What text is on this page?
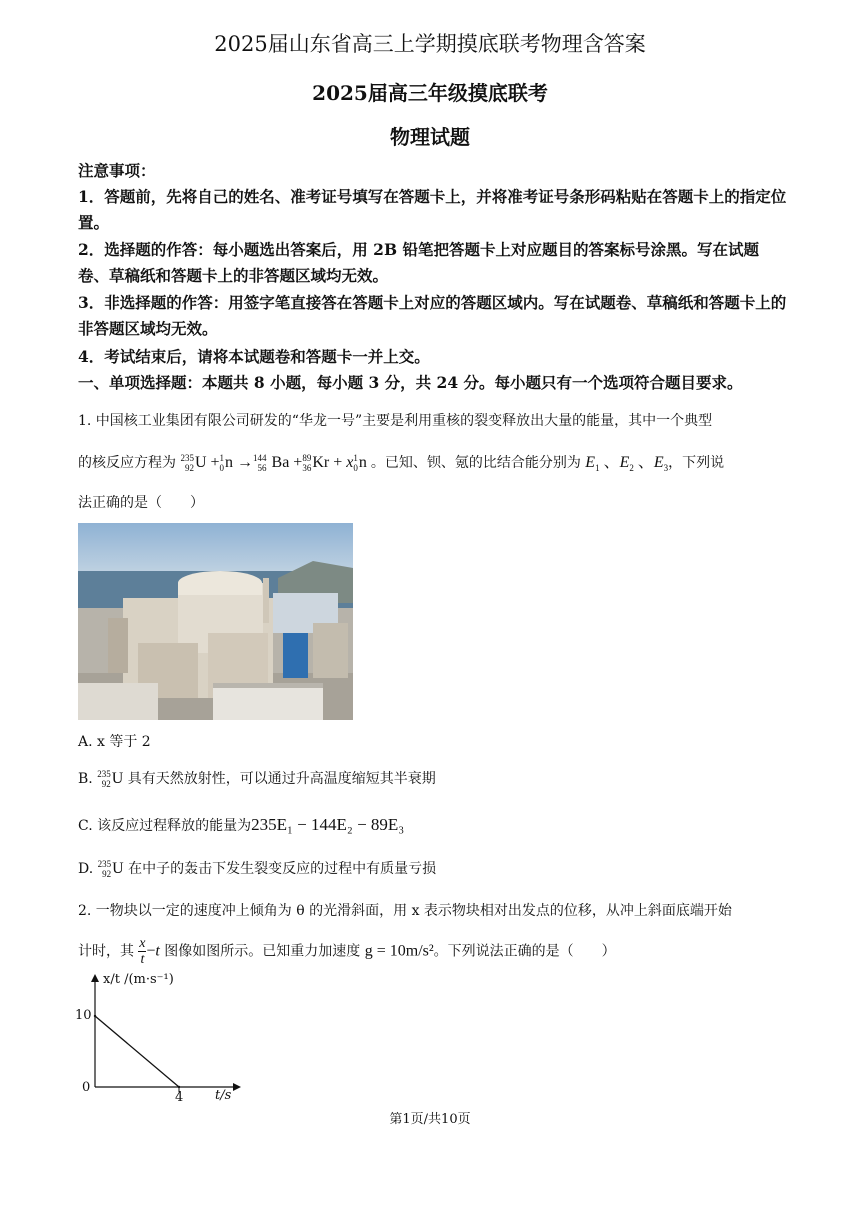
2025届山东省高三上学期摸底联考物理含答案
2025届高三年级摸底联考
物理试题
注意事项：
1．答题前，先将自己的姓名、准考证号填写在答题卡上，并将准考证号条形码粘贴在答题卡上的指定位置。
2．选择题的作答：每小题选出答案后，用 2B 铅笔把答题卡上对应题目的答案标号涂黑。写在试题卷、草稿纸和答题卡上的非答题区域均无效。
3．非选择题的作答：用签字笔直接答在答题卡上对应的答题区域内。写在试题卷、草稿纸和答题卡上的非答题区域均无效。
4．考试结束后，请将本试题卷和答题卡一并上交。
一、单项选择题：本题共 8 小题，每小题 3 分，共 24 分。每小题只有一个选项符合题目要求。
1. 中国核工业集团有限公司研发的“华龙一号”主要是利用重核的裂变释放出大量的能量，其中一个典型
的核反应方程为 235
92U +1
0n →144
56 Ba +89
36Kr + x1
0n 。已知、钡、氪的比结合能分别为 $E_1$ 、$E_2$ 、$E_3$，下列说
法正确的是（　　）
A. x 等于 2
B. 235
92U 具有天然放射性，可以通过升高温度缩短其半衰期
C. 该反应过程释放的能量为235E₁ − 144E₂ − 89E₃
D. 235
92U 在中子的轰击下发生裂变反应的过程中有质量亏损
2. 一物块以一定的速度冲上倾角为 θ 的光滑斜面，用 x 表示物块相对出发点的位移，从冲上斜面底端开始
计时，其 $\frac{x}{t}-t$ 图像如图所示。已知重力加速度 g = 10m/s²。下列说法正确的是（　　）
x/t /(m·s⁻¹)
t/s
10
4
0
第1页/共10页
